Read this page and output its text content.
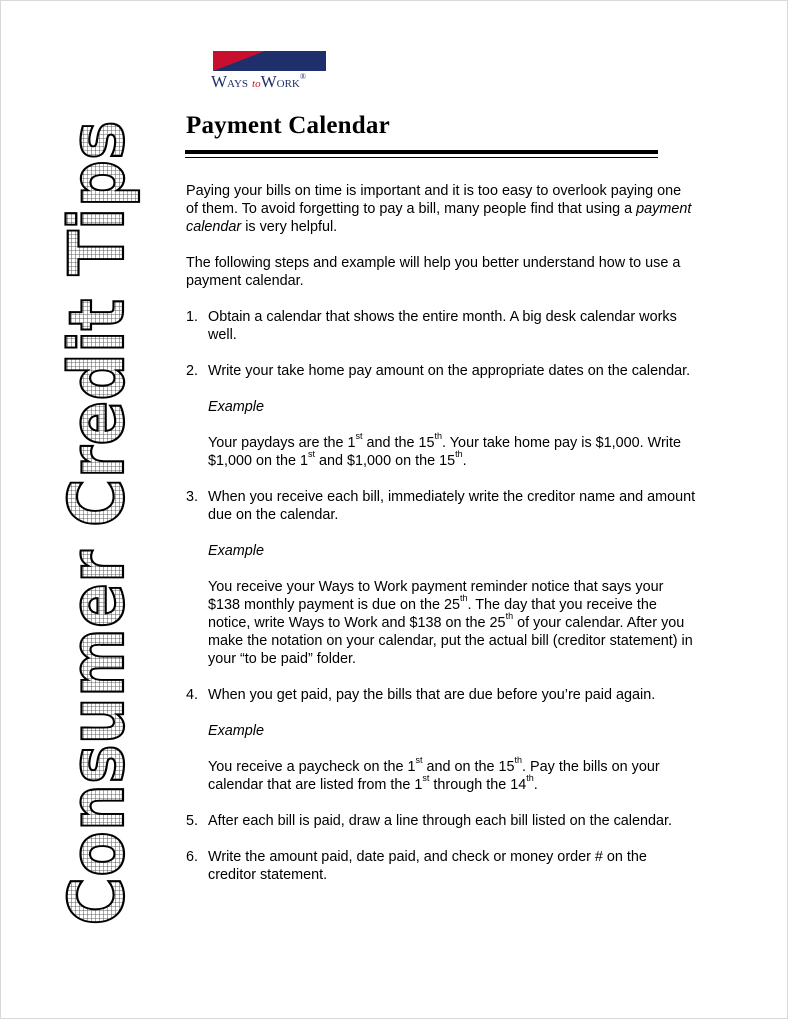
WAYS toWORK®
Consumer Credit Tips Payment Calendar

Paying your bills on time is important and it is too easy to overlook paying one of them. To avoid forgetting to pay a bill, many people find that using a payment calendar is very helpful.

The following steps and example will help you better understand how to use a payment calendar.

1. Obtain a calendar that shows the entire month. A big desk calendar works well.
2. Write your take home pay amount on the appropriate dates on the calendar.

Example

Your paydays are the 1st and the 15th. Your take home pay is $1,000. Write $1,000 on the 1st and $1,000 on the 15th.

3. When you receive each bill, immediately write the creditor name and amount due on the calendar.

Example

You receive your Ways to Work payment reminder notice that says your $138 monthly payment is due on the 25th. The day that you receive the notice, write Ways to Work and $138 on the 25th of your calendar. After you make the notation on your calendar, put the actual bill (creditor statement) in your “to be paid” folder.

4. When you get paid, pay the bills that are due before you’re paid again.

Example

You receive a paycheck on the 1st and on the 15th. Pay the bills on your calendar that are listed from the 1st through the 14th.

5. After each bill is paid, draw a line through each bill listed on the calendar.
6. Write the amount paid, date paid, and check or money order # on the creditor statement.
